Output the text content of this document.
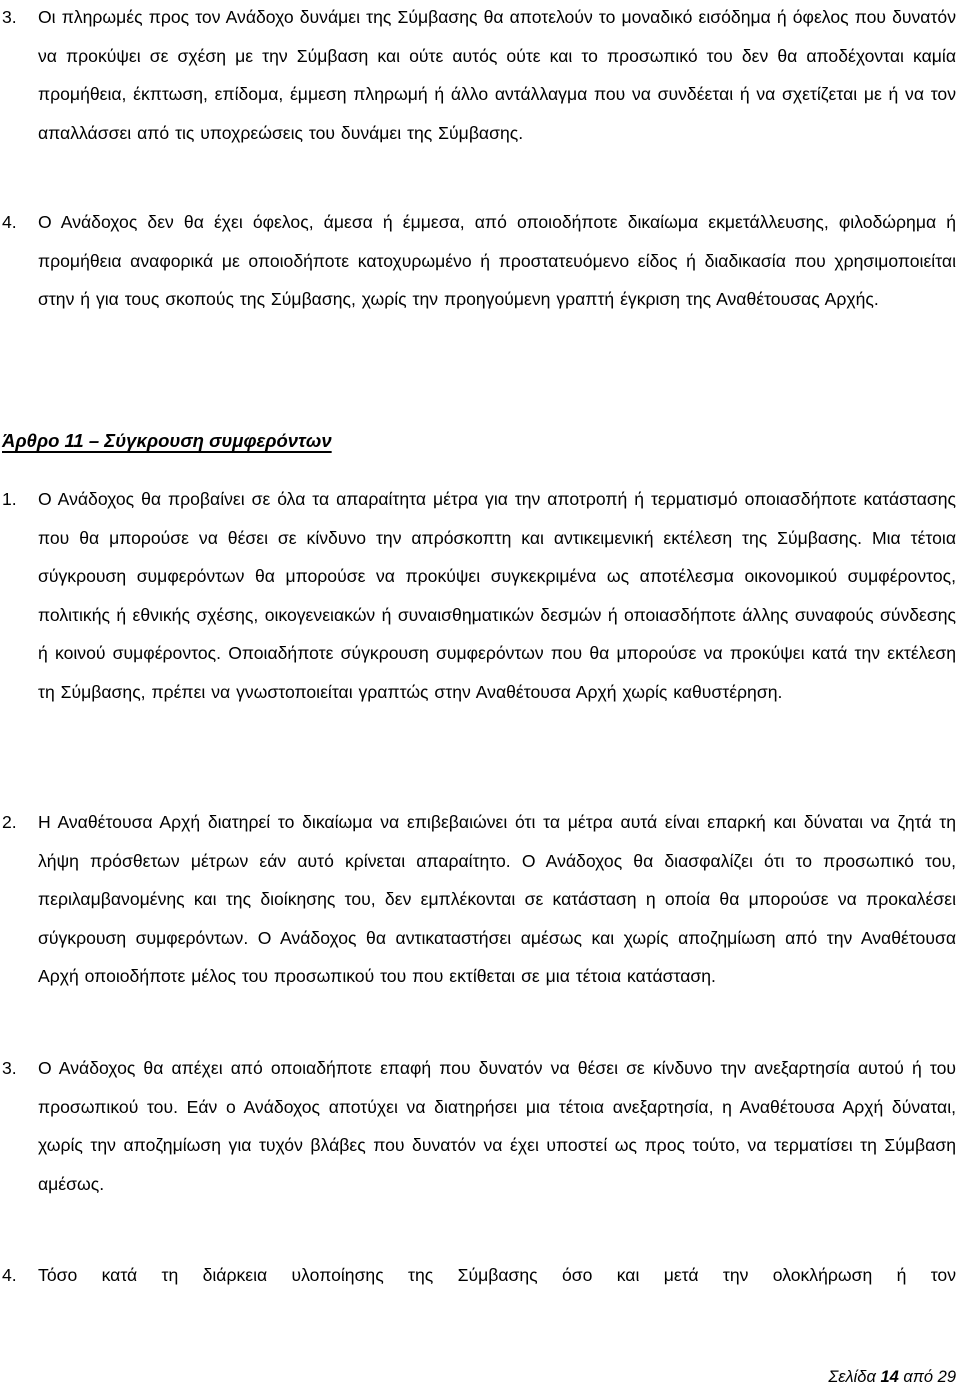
3. Οι πληρωμές προς τον Ανάδοχο δυνάμει της Σύμβασης θα αποτελούν το μοναδικό εισόδημα ή όφελος που δυνατόν να προκύψει σε σχέση με την Σύμβαση και ούτε αυτός ούτε και το προσωπικό του δεν θα αποδέχονται καμία προμήθεια, έκπτωση, επίδομα, έμμεση πληρωμή ή άλλο αντάλλαγμα που να συνδέεται ή να σχετίζεται με ή να τον απαλλάσσει από τις υποχρεώσεις του δυνάμει της Σύμβασης.

4. Ο Ανάδοχος δεν θα έχει όφελος, άμεσα ή έμμεσα, από οποιοδήποτε δικαίωμα εκμετάλλευσης, φιλοδώρημα ή προμήθεια αναφορικά με οποιοδήποτε κατοχυρωμένο ή προστατευόμενο είδος ή διαδικασία που χρησιμοποιείται στην ή για τους σκοπούς της Σύμβασης, χωρίς την προηγούμενη γραπτή έγκριση της Αναθέτουσας Αρχής.

Άρθρο 11 – Σύγκρουση συμφερόντων
1. Ο Ανάδοχος θα προβαίνει σε όλα τα απαραίτητα μέτρα για την αποτροπή ή τερματισμό οποιασδήποτε κατάστασης που θα μπορούσε να θέσει σε κίνδυνο την απρόσκοπτη και αντικειμενική εκτέλεση της Σύμβασης. Μια τέτοια σύγκρουση συμφερόντων θα μπορούσε να προκύψει συγκεκριμένα ως αποτέλεσμα οικονομικού συμφέροντος, πολιτικής ή εθνικής σχέσης, οικογενειακών ή συναισθηματικών δεσμών ή οποιασδήποτε άλλης συναφούς σύνδεσης ή κοινού συμφέροντος. Οποιαδήποτε σύγκρουση συμφερόντων που θα μπορούσε να προκύψει κατά την εκτέλεση τη Σύμβασης, πρέπει να γνωστοποιείται γραπτώς στην Αναθέτουσα Αρχή χωρίς καθυστέρηση.

2. Η Αναθέτουσα Αρχή διατηρεί το δικαίωμα να επιβεβαιώνει ότι τα μέτρα αυτά είναι επαρκή και δύναται να ζητά τη λήψη πρόσθετων μέτρων εάν αυτό κρίνεται απαραίτητο. Ο Ανάδοχος θα διασφαλίζει ότι το προσωπικό του, περιλαμβανομένης και της διοίκησης του, δεν εμπλέκονται σε κατάσταση η οποία θα μπορούσε να προκαλέσει σύγκρουση συμφερόντων. Ο Ανάδοχος θα αντικαταστήσει αμέσως και χωρίς αποζημίωση από την Αναθέτουσα Αρχή οποιοδήποτε μέλος του προσωπικού του που εκτίθεται σε μια τέτοια κατάσταση.

3. Ο Ανάδοχος θα απέχει από οποιαδήποτε επαφή που δυνατόν να θέσει σε κίνδυνο την ανεξαρτησία αυτού ή του προσωπικού του. Εάν ο Ανάδοχος αποτύχει να διατηρήσει μια τέτοια ανεξαρτησία, η Αναθέτουσα Αρχή δύναται, χωρίς την αποζημίωση για τυχόν βλάβες που δυνατόν να έχει υποστεί ως προς τούτο, να τερματίσει τη Σύμβαση αμέσως.

4. Τόσο κατά τη διάρκεια υλοποίησης της Σύμβασης όσο και μετά την ολοκλήρωση ή τον

Σελίδα 14 από 29
